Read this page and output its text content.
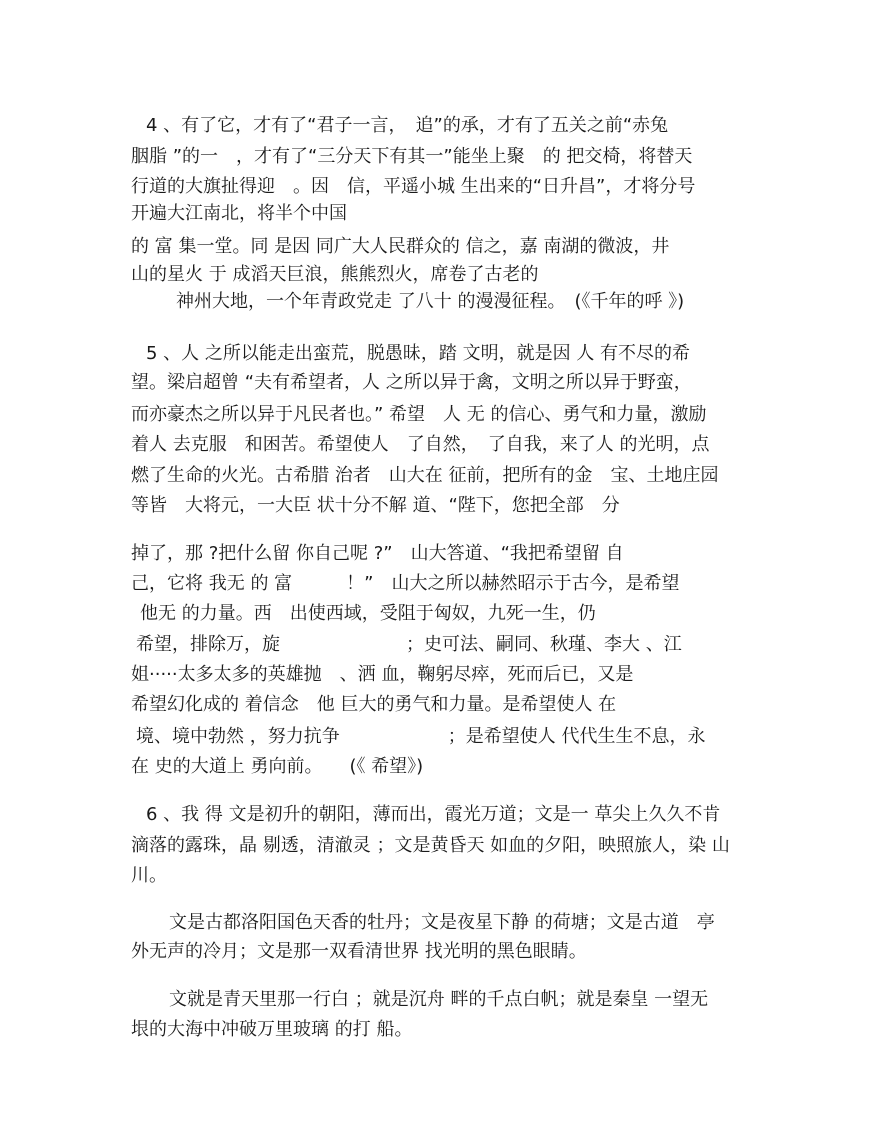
4 、有了它，才有了“君子一言，　追”的承，才有了五关之前“赤兔
胭脂 ”的一　，才有了“三分天下有其一”能坐上聚　的 把交椅，将替天
行道的大旗扯得迎　。因　信，平遥小城 生出来的“日升昌”，才将分号
开遍大江南北，将半个中国
的 富 集一堂。同 是因 同广大人民群众的 信之，嘉 南湖的微波，井
山的星火 于 成滔天巨浪，熊熊烈火，席卷了古老的
神州大地，一个年青政党走 了八十 的漫漫征程。　(《千年的呼 》)
5 、人 之所以能走出蛮荒，脱愚昧，踏 文明，就是因 人 有不尽的希
望。梁启超曾 “夫有希望者，人 之所以异于禽，文明之所以异于野蛮，
而亦豪杰之所以异于凡民者也。” 希望　人 无 的信心、勇气和力量，激励
着人 去克服　和困苦。希望使人　了自然，　了自我，来了人 的光明，点
燃了生命的火光。古希腊 治者　山大在 征前，把所有的金　宝、土地庄园
等皆　大将元，一大臣 状十分不解 道、“陛下，您把全部　分
掉了，那 ?把什么留 你自己呢 ?”　山大答道、“我把希望留 自
己，它将 我无 的 富　　　！”　山大之所以赫然昭示于古今，是希望
他无 的力量。西　出使西域，受阻于匈奴，九死一生，仍
希望，排除万，旋　　　　　　　；史可法、嗣同、秋瑾、李大 、江
姐·····太多太多的英雄抛　、洒 血，鞠躬尽瘁，死而后已，又是
希望幻化成的 着信念　他 巨大的勇气和力量。是希望使人 在
境、境中勃然 ，努力抗争　　　　　　；是希望使人 代代生生不息，永
在 史的大道上 勇向前。　　(《 希望》)
6 、我 得 文是初升的朝阳，薄而出，霞光万道；文是一 草尖上久久不肯
滴落的露珠，晶 剔透，清澈灵 ；文是黄昏天 如血的夕阳，映照旅人，染 山
川。
文是古都洛阳国色天香的牡丹；文是夜星下静 的荷塘；文是古道　亭
外无声的冷月；文是那一双看清世界 找光明的黑色眼睛。
文就是青天里那一行白 ；就是沉舟 畔的千点白帆；就是秦皇 一望无
垠的大海中冲破万里玻璃 的打 船。
